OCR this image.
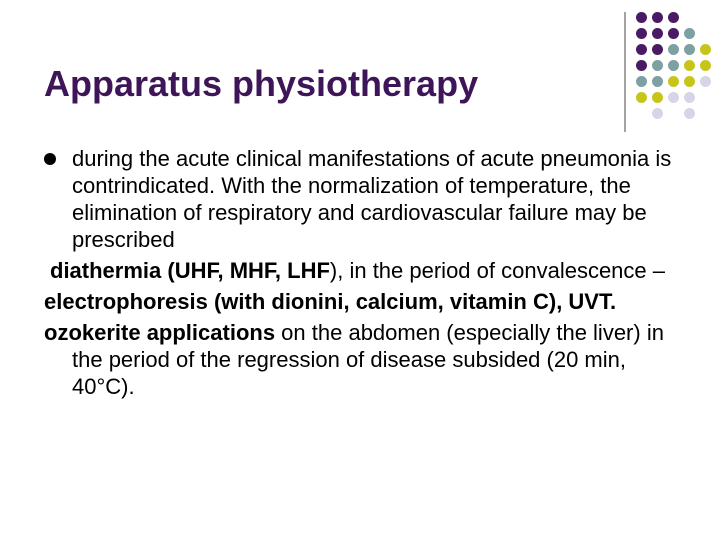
Apparatus physiotherapy

during the acute clinical manifestations of acute pneumonia is contrindicated. With the normalization of temperature, the elimination of respiratory and cardiovascular failure may be prescribed

diathermia (UHF, MHF, LHF), in the period of convalescence –

electrophoresis (with dionini, calcium, vitamin C), UVT.

ozokerite applications on the abdomen (especially the liver) in the period of the regression of disease subsided (20 min, 40°C).
